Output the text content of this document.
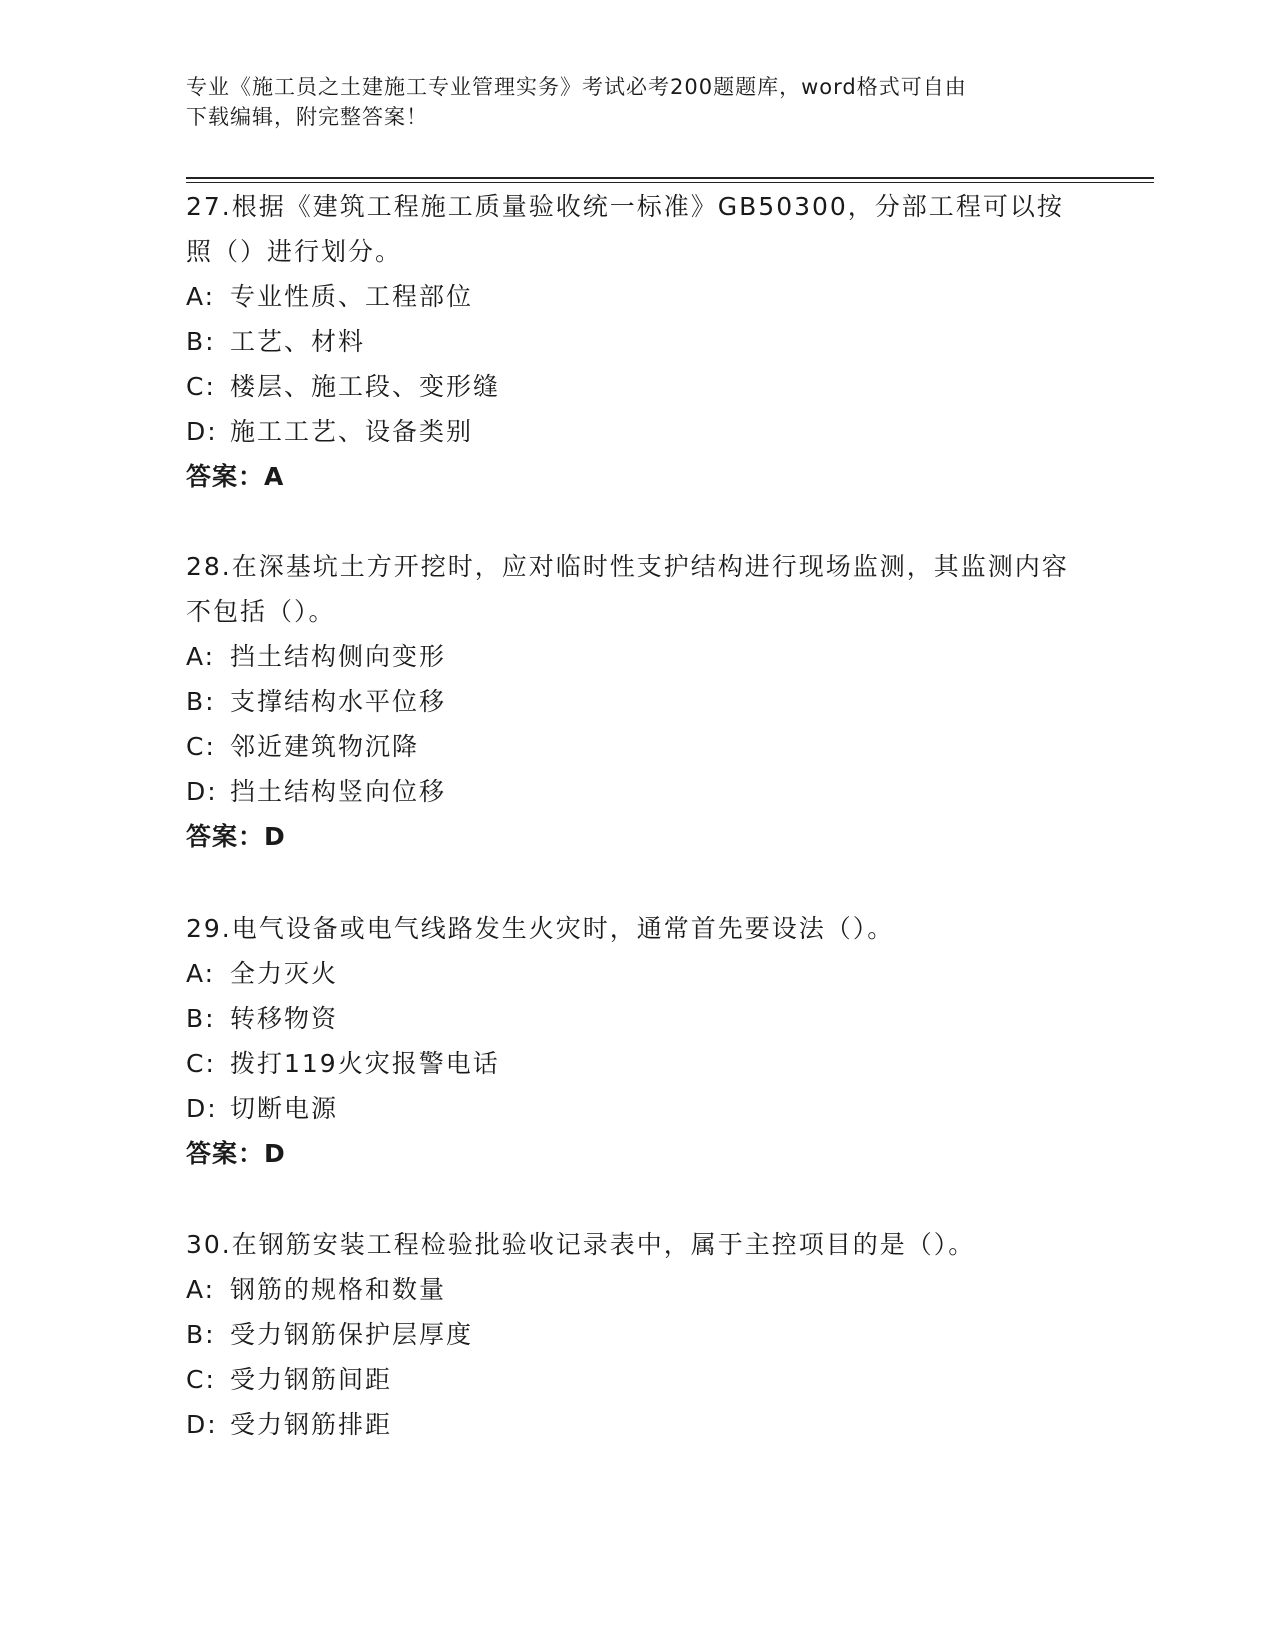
专业《施工员之土建施工专业管理实务》考试必考200题题库，word格式可自由
下载编辑，附完整答案！

27.根据《建筑工程施工质量验收统一标准》GB50300，分部工程可以按照（）进行划分。

A: 专业性质、工程部位

B: 工艺、材料

C: 楼层、施工段、变形缝

D: 施工工艺、设备类别

答案：A

28.在深基坑土方开挖时，应对临时性支护结构进行现场监测，其监测内容不包括（）。

A: 挡土结构侧向变形

B: 支撑结构水平位移

C: 邻近建筑物沉降

D: 挡土结构竖向位移

答案：D

29.电气设备或电气线路发生火灾时，通常首先要设法（）。

A: 全力灭火

B: 转移物资

C: 拨打119火灾报警电话

D: 切断电源

答案：D

30.在钢筋安装工程检验批验收记录表中，属于主控项目的是（）。

A: 钢筋的规格和数量

B: 受力钢筋保护层厚度

C: 受力钢筋间距

D: 受力钢筋排距
